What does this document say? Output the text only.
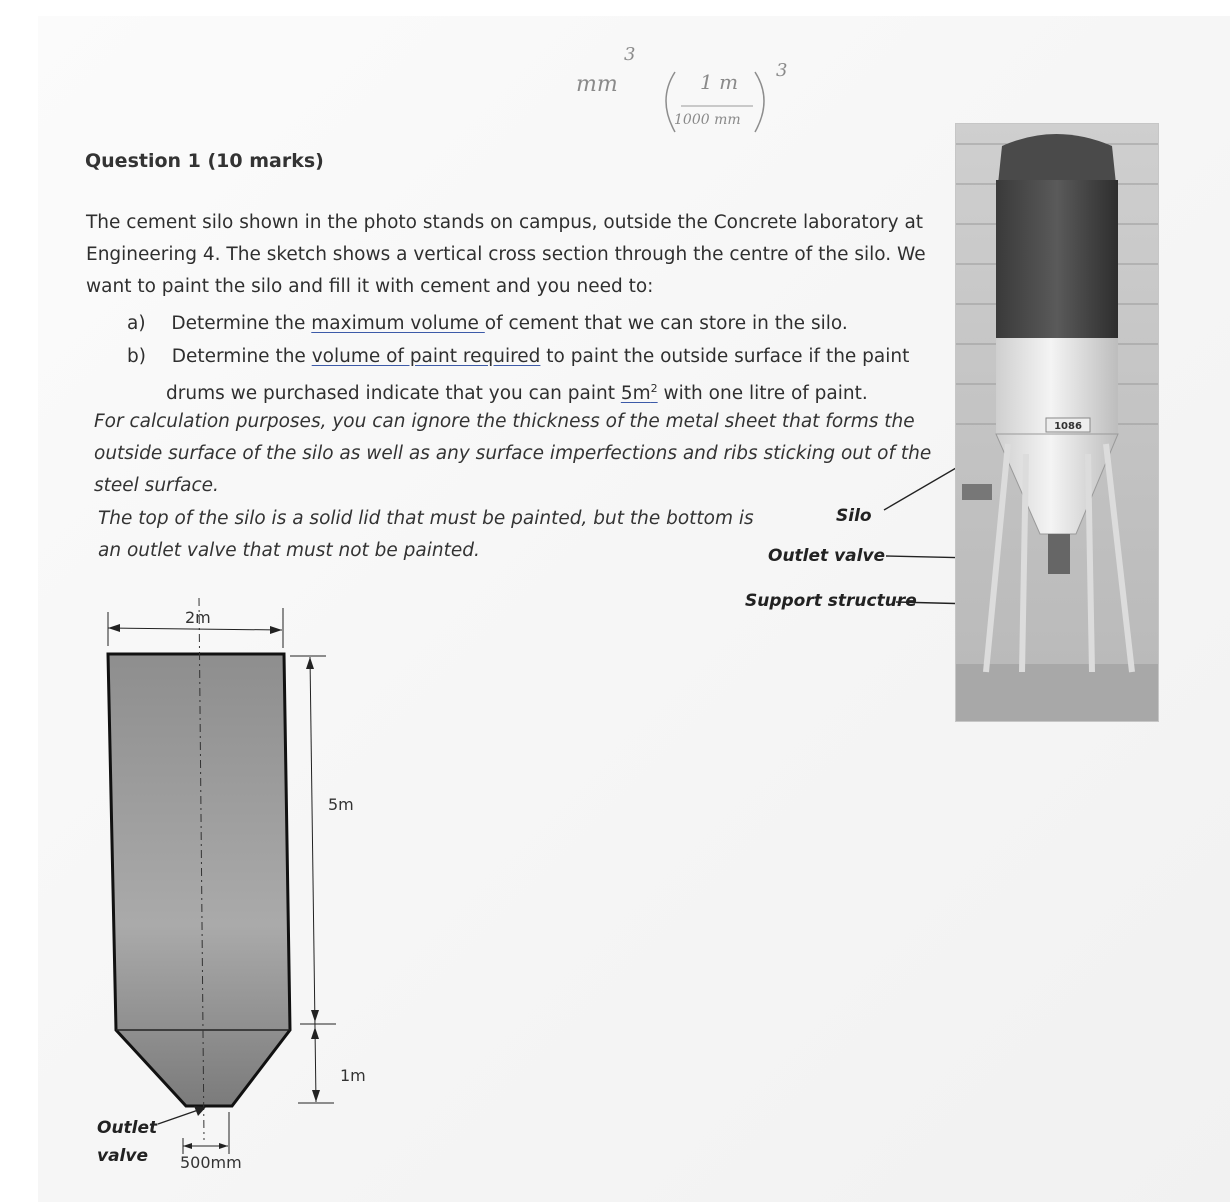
mm
3
1 m
1000 mm
3
Question 1 (10 marks)
The cement silo shown in the photo stands on campus, outside the Concrete laboratory at
Engineering 4. The sketch shows a vertical cross section through the centre of the silo. We
want to paint the silo and fill it with cement and you need to:
a) Determine the maximum volume of cement that we can store in the silo.
b) Determine the volume of paint required to paint the outside surface if the paint
drums we purchased indicate that you can paint $5m^2$ with one litre of paint.
For calculation purposes, you can ignore the thickness of the metal sheet that forms the
outside surface of the silo as well as any surface imperfections and ribs sticking out of the
steel surface.
The top of the silo is a solid lid that must be painted, but the bottom is
an outlet valve that must not be painted.
Silo
Outlet valve
Support structure
1086
2m
5m
1m
Outlet
valve	500mm
